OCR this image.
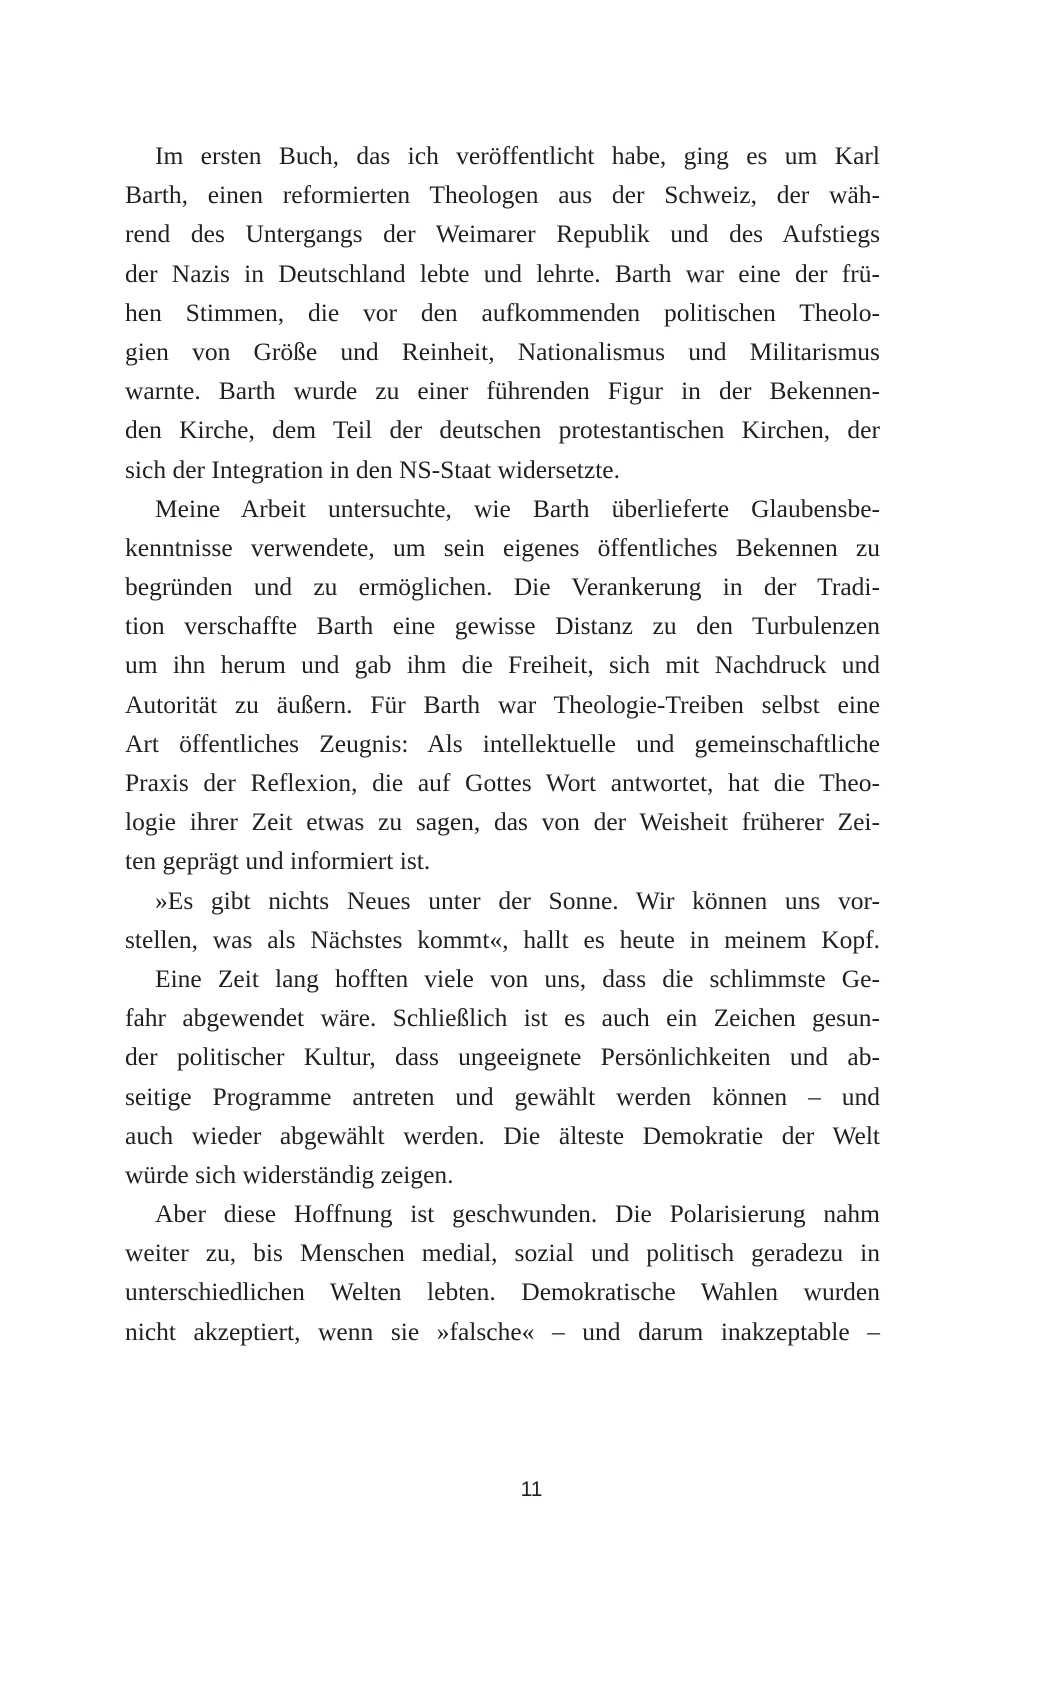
Im ersten Buch, das ich veröffentlicht habe, ging es um Karl
Barth, einen reformierten Theologen aus der Schweiz, der wäh-
rend des Untergangs der Weimarer Republik und des Aufstiegs
der Nazis in Deutschland lebte und lehrte. Barth war eine der frü-
hen Stimmen, die vor den aufkommenden politischen Theolo-
gien von Größe und Reinheit, Nationalismus und Militarismus
warnte. Barth wurde zu einer führenden Figur in der Bekennen-
den Kirche, dem Teil der deutschen protestantischen Kirchen, der
sich der Integration in den NS-Staat widersetzte.
Meine Arbeit untersuchte, wie Barth überlieferte Glaubensbe-
kenntnisse verwendete, um sein eigenes öffentliches Bekennen zu
begründen und zu ermöglichen. Die Verankerung in der Tradi-
tion verschaffte Barth eine gewisse Distanz zu den Turbulenzen
um ihn herum und gab ihm die Freiheit, sich mit Nachdruck und
Autorität zu äußern. Für Barth war Theologie-Treiben selbst eine
Art öffentliches Zeugnis: Als intellektuelle und gemeinschaftliche
Praxis der Reflexion, die auf Gottes Wort antwortet, hat die Theo-
logie ihrer Zeit etwas zu sagen, das von der Weisheit früherer Zei-
ten geprägt und informiert ist.
»Es gibt nichts Neues unter der Sonne. Wir können uns vor-
stellen, was als Nächstes kommt«, hallt es heute in meinem Kopf.
Eine Zeit lang hofften viele von uns, dass die schlimmste Ge-
fahr abgewendet wäre. Schließlich ist es auch ein Zeichen gesun-
der politischer Kultur, dass ungeeignete Persönlichkeiten und ab-
seitige Programme antreten und gewählt werden können – und
auch wieder abgewählt werden. Die älteste Demokratie der Welt
würde sich widerständig zeigen.
Aber diese Hoffnung ist geschwunden. Die Polarisierung nahm
weiter zu, bis Menschen medial, sozial und politisch geradezu in
unterschiedlichen Welten lebten. Demokratische Wahlen wurden
nicht akzeptiert, wenn sie »falsche« – und darum inakzeptable –
11
